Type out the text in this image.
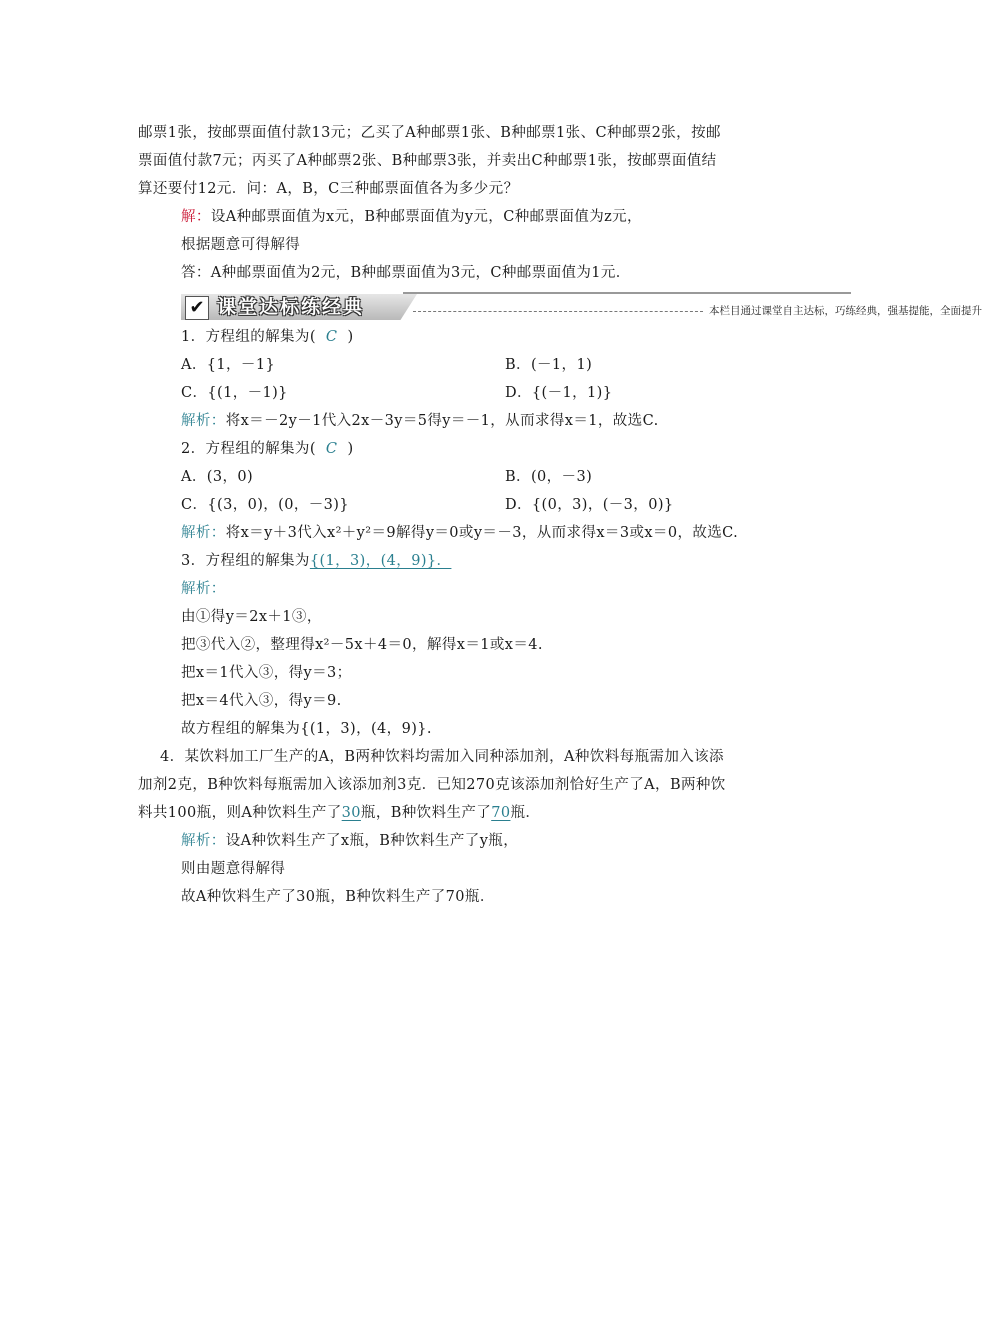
邮票1张，按邮票面值付款13元；乙买了A种邮票1张、B种邮票1张、C种邮票2张，按邮
票面值付款7元；丙买了A种邮票2张、B种邮票3张，并卖出C种邮票1张，按邮票面值结
算还要付12元．问：A，B，C三种邮票面值各为多少元？
解：设A种邮票面值为x元，B种邮票面值为y元，C种邮票面值为z元，
根据题意可得解得
答：A种邮票面值为2元，B种邮票面值为3元，C种邮票面值为1元．
✔ 课堂达标练经典	本栏目通过课堂自主达标，巧练经典，强基提能，全面提升
1．方程组的解集为( C )
A．{1，－1}	B．(－1，1)
C．{(1，－1)}	D．{(－1，1)}
解析：将x＝－2y－1代入2x－3y＝5得y＝－1，从而求得x＝1，故选C.
2．方程组的解集为( C )
A．(3，0)	B．(0，－3)
C．{(3，0)，(0，－3)}	D．{(0，3)，(－3，0)}
解析：将x＝y＋3代入x²＋y²＝9解得y＝0或y＝－3，从而求得x＝3或x＝0，故选C.
3．方程组的解集为{(1，3)，(4，9)}．
解析：
由①得y＝2x＋1③，
把③代入②，整理得x²－5x＋4＝0，解得x＝1或x＝4.
把x＝1代入③，得y＝3；
把x＝4代入③，得y＝9.
故方程组的解集为{(1，3)，(4，9)}.
4．某饮料加工厂生产的A，B两种饮料均需加入同种添加剂，A种饮料每瓶需加入该添
加剂2克，B种饮料每瓶需加入该添加剂3克．已知270克该添加剂恰好生产了A，B两种饮
料共100瓶，则A种饮料生产了30瓶，B种饮料生产了70瓶．
解析：设A种饮料生产了x瓶，B种饮料生产了y瓶，
则由题意得解得
故A种饮料生产了30瓶，B种饮料生产了70瓶．
